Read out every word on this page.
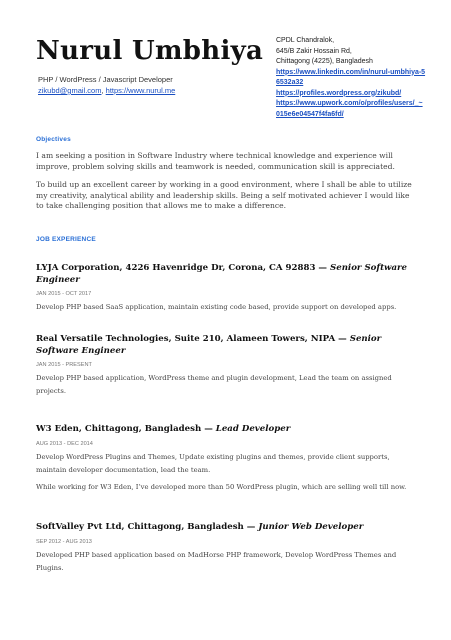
Nurul Umbhiya
PHP / WordPress / Javascript Developer
zikubd@gmail.com, https://www.nurul.me
CPDL Chandralok,
645/B Zakir Hossain Rd,
Chittagong (4225), Bangladesh
https://www.linkedin.com/in/nurul-umbhiya-56532a32
https://profiles.wordpress.org/zikubd/
https://www.upwork.com/o/profiles/users/_~015e6e04547f4fa6fd/
Objectives

I am seeking a position in Software Industry where technical knowledge and experience will improve, problem solving skills and teamwork is needed, communication skill is appreciated.

To build up an excellent career by working in a good environment, where I shall be able to utilize my creativity, analytical ability and leadership skills. Being a self motivated achiever I would like to take challenging position that allows me to make a difference.

JOB EXPERIENCE
LYJA Corporation, 4226 Havenridge Dr, Corona, CA 92883 — Senior Software Engineer
JAN 2015 - OCT 2017
Develop PHP based SaaS application, maintain existing code based, provide support on developed apps.
Real Versatile Technologies, Suite 210, Alameen Towers, NIPA — Senior Software Engineer
JAN 2015 - PRESENT
Develop PHP based application, WordPress theme and plugin development, Lead the team on assigned projects.
W3 Eden, Chittagong, Bangladesh — Lead Developer
AUG 2013 - DEC 2014
Develop WordPress Plugins and Themes, Update existing plugins and themes, provide client supports, maintain developer documentation, lead the team.
While working for W3 Eden, I’ve developed more than 50 WordPress plugin, which are selling well till now.
SoftValley Pvt Ltd, Chittagong, Bangladesh — Junior Web Developer
SEP 2012 - AUG 2013
Developed PHP based application based on MadHorse PHP framework, Develop WordPress Themes and Plugins.
